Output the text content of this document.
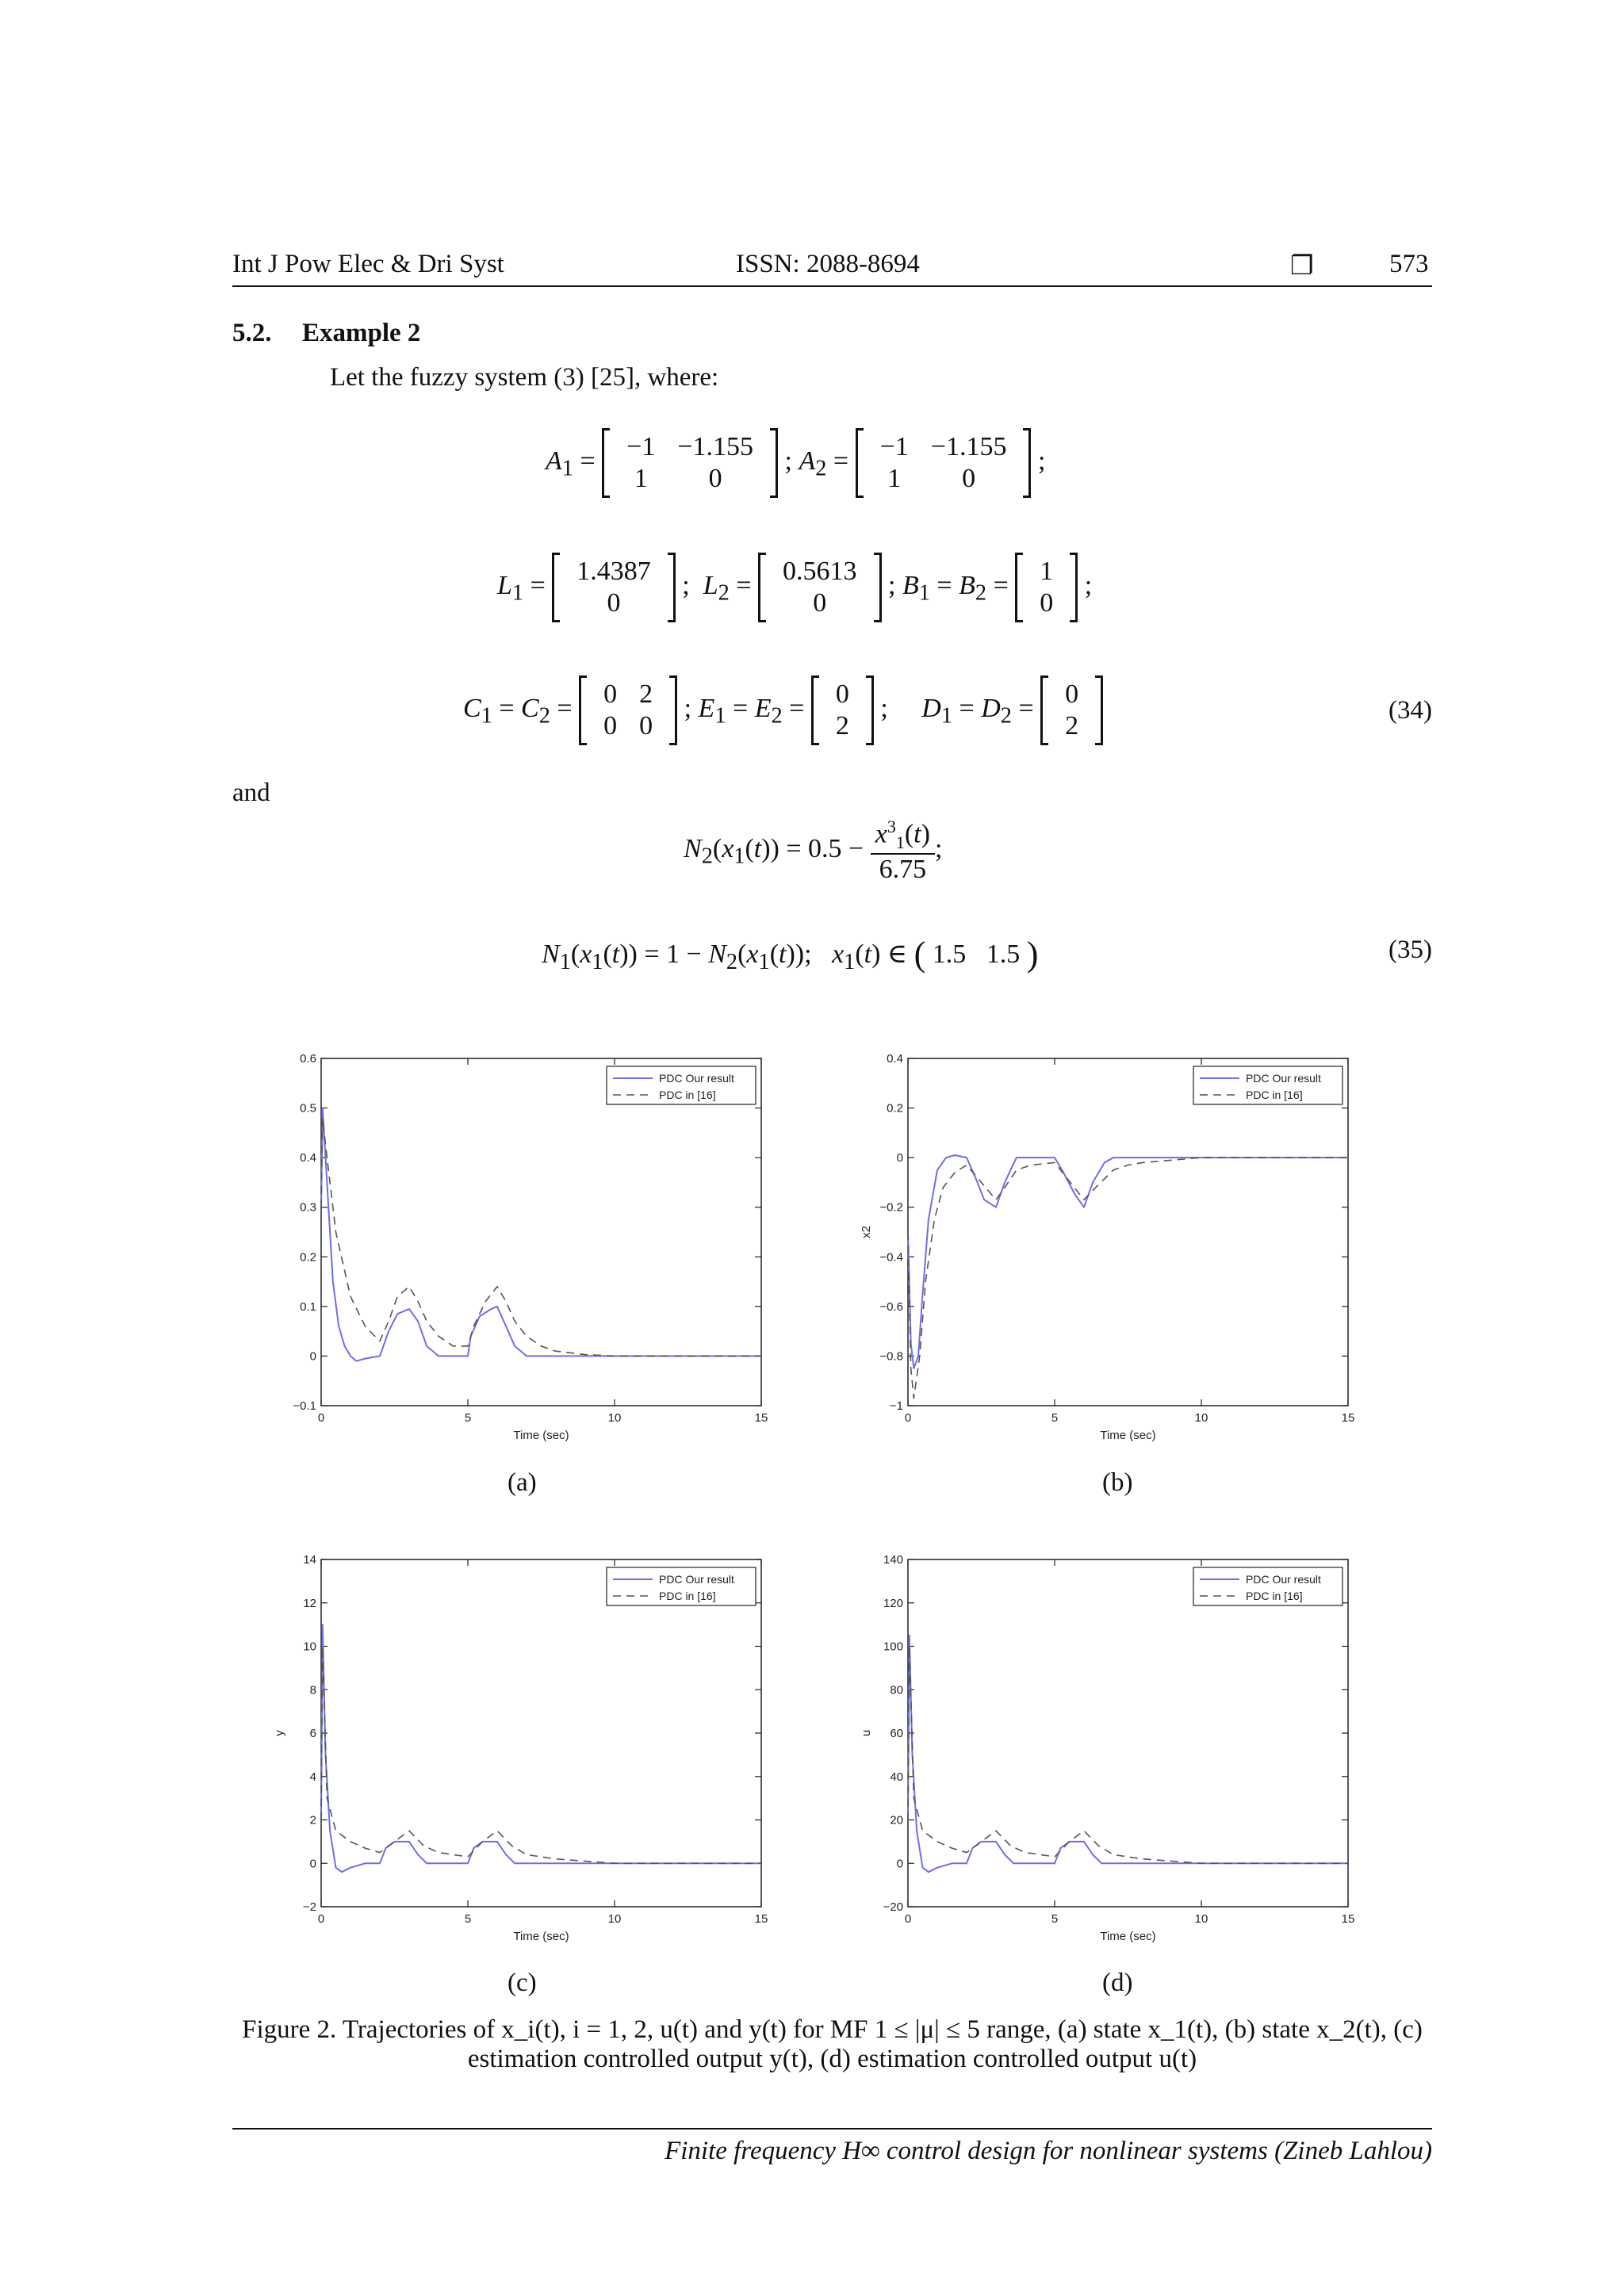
Int J Pow Elec & Dri Syst	ISSN: 2088-8694	❐	573
5.2. Example 2
Let the fuzzy system (3) [25], where:
$A_1 = -1$	−1.155
1	0 ; $A_2 = -1$	−1.155
1	0 ;
$L_1 = 1.4387$
0 ;  $L_2 = 0.5613$
0 ; $B_1 = B_2 = 1$
0 ;
$C_1 = C_2 = 0$	2
0	0 ; $E_1 = E_2 = 0$
2 ;     $D_1 = D_2 = 0$
2
(34)
and
$N_2(x_1(t)) = 0.5 - \frac{x^3_1(t)}{6.75}$ ;
$N_1(x_1(t)) = 1 - N_2(x_1(t))$;   $x_1(t)$ ∈ ( 1.5 1.5 )	(35)
−0.1
0
0.1
0.2
0.3
0.4
0.5
0.6
0	5	10	15
Time (sec)
PDC Our result
PDC in [16]
−1
−0.8
−0.6
−0.4
−0.2
0
0.2
0.4
0	5	10	15
Time (sec)
x2
PDC Our result
PDC in [16]
−2
0
2
4
6
8
10
12
14
0	5	10	15
Time (sec)
y
PDC Our result
PDC in [16]
−20
0
20
40
60
80
100
120
140
0	5	10	15
Time (sec)
u
PDC Our result
PDC in [16]
(a)	(b)
(c)	(d)
Figure 2. Trajectories of x_i(t), i = 1, 2, u(t) and y(t) for MF 1 ≤ |μ| ≤ 5 range, (a) state x_1(t), (b) state x_2(t), (c) estimation controlled output y(t), (d) estimation controlled output u(t)
Finite frequency H∞ control design for nonlinear systems (Zineb Lahlou)
